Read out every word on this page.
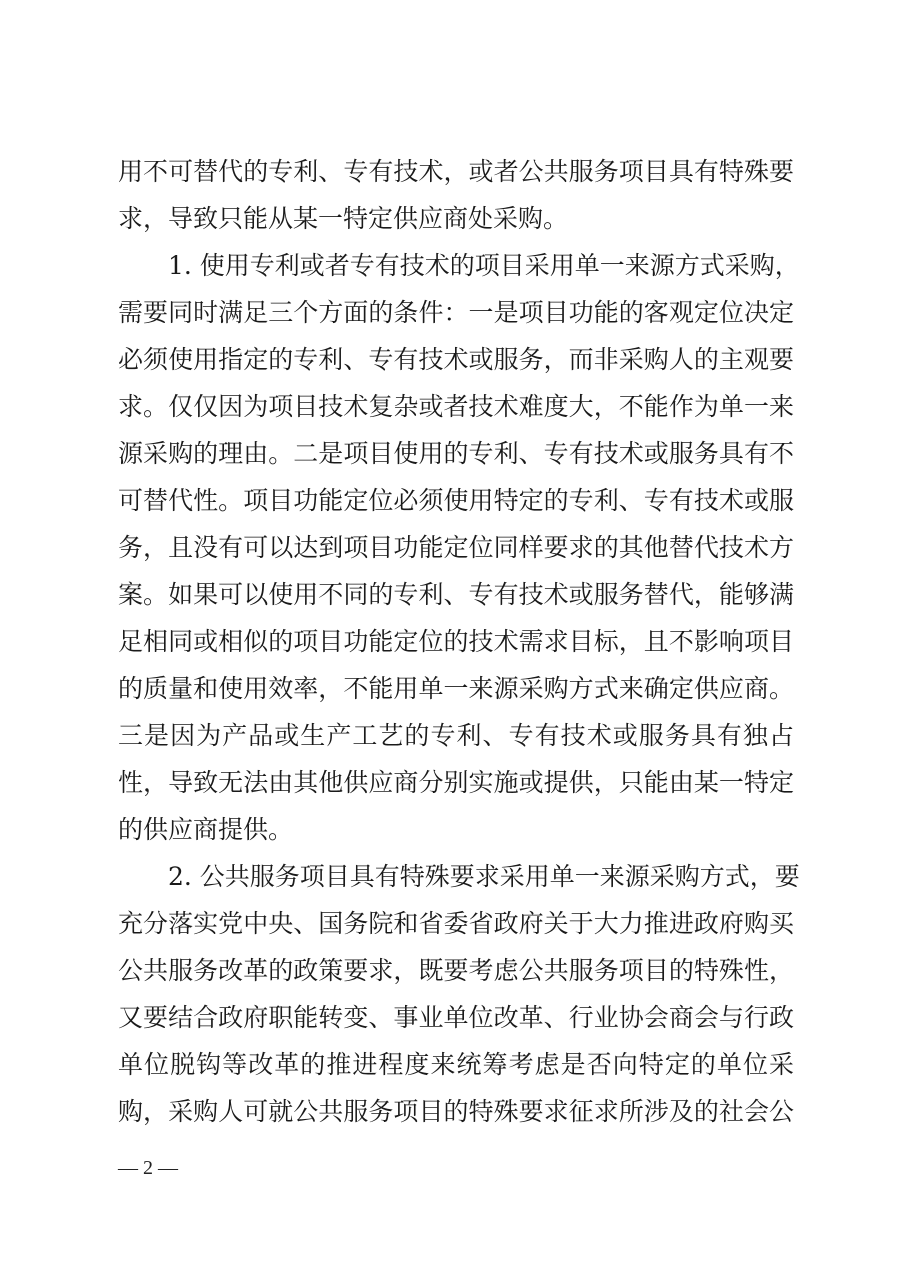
用不可替代的专利、专有技术，或者公共服务项目具有特殊要
求，导致只能从某一特定供应商处采购。
1. 使用专利或者专有技术的项目采用单一来源方式采购，
需要同时满足三个方面的条件：一是项目功能的客观定位决定
必须使用指定的专利、专有技术或服务，而非采购人的主观要
求。仅仅因为项目技术复杂或者技术难度大，不能作为单一来
源采购的理由。二是项目使用的专利、专有技术或服务具有不
可替代性。项目功能定位必须使用特定的专利、专有技术或服
务，且没有可以达到项目功能定位同样要求的其他替代技术方
案。如果可以使用不同的专利、专有技术或服务替代，能够满
足相同或相似的项目功能定位的技术需求目标，且不影响项目
的质量和使用效率，不能用单一来源采购方式来确定供应商。
三是因为产品或生产工艺的专利、专有技术或服务具有独占
性，导致无法由其他供应商分别实施或提供，只能由某一特定
的供应商提供。
2. 公共服务项目具有特殊要求采用单一来源采购方式，要
充分落实党中央、国务院和省委省政府关于大力推进政府购买
公共服务改革的政策要求，既要考虑公共服务项目的特殊性，
又要结合政府职能转变、事业单位改革、行业协会商会与行政
单位脱钩等改革的推进程度来统筹考虑是否向特定的单位采
购，采购人可就公共服务项目的特殊要求征求所涉及的社会公
— 2 —
